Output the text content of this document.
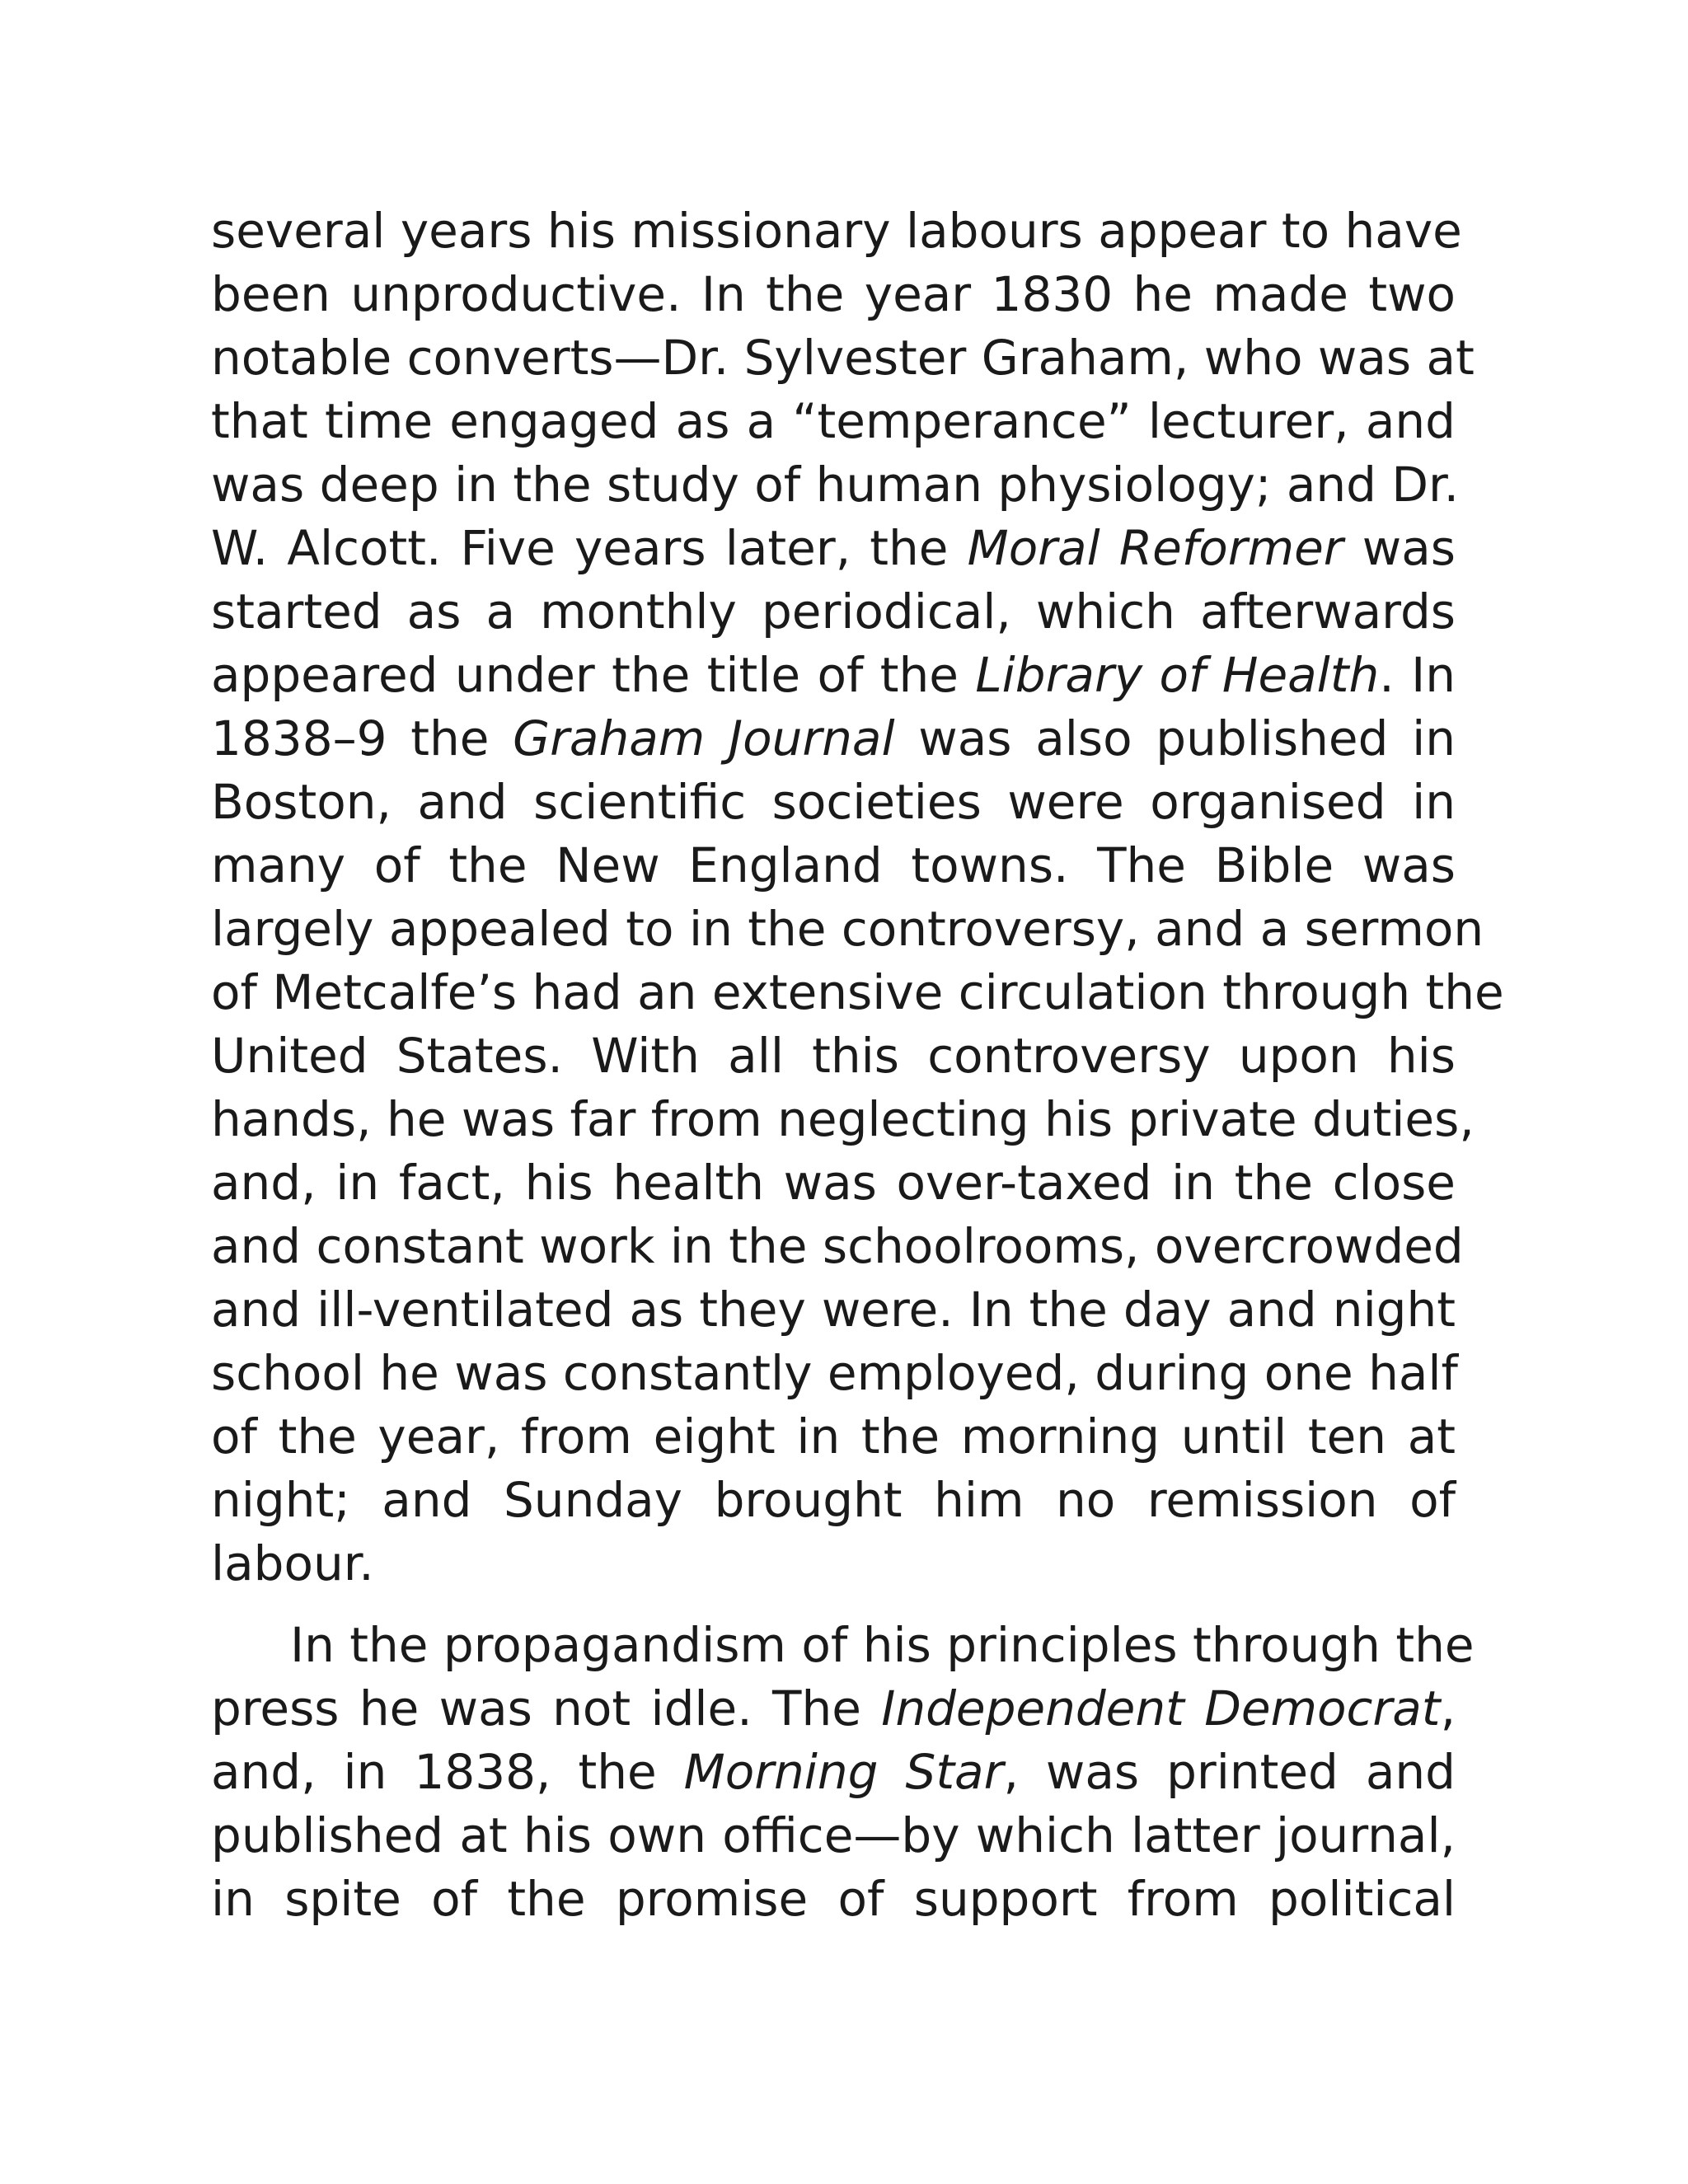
several years his missionary labours appear to have
been unproductive. In the year 1830 he made two
notable converts—Dr. Sylvester Graham, who was at
that time engaged as a “temperance” lecturer, and
was deep in the study of human physiology; and Dr.
W. Alcott. Five years later, the Moral Reformer was
started as a monthly periodical, which afterwards
appeared under the title of the Library of Health. In
1838–9 the Graham Journal was also published in
Boston, and scientific societies were organised in
many of the New England towns. The Bible was
largely appealed to in the controversy, and a sermon
of Metcalfe’s had an extensive circulation through the
United States. With all this controversy upon his
hands, he was far from neglecting his private duties,
and, in fact, his health was over-taxed in the close
and constant work in the schoolrooms, overcrowded
and ill-ventilated as they were. In the day and night
school he was constantly employed, during one half
of the year, from eight in the morning until ten at
night; and Sunday brought him no remission of
labour.
In the propagandism of his principles through the
press he was not idle. The Independent Democrat,
and, in 1838, the Morning Star, was printed and
published at his own office—by which latter journal,
in spite of the promise of support from political
